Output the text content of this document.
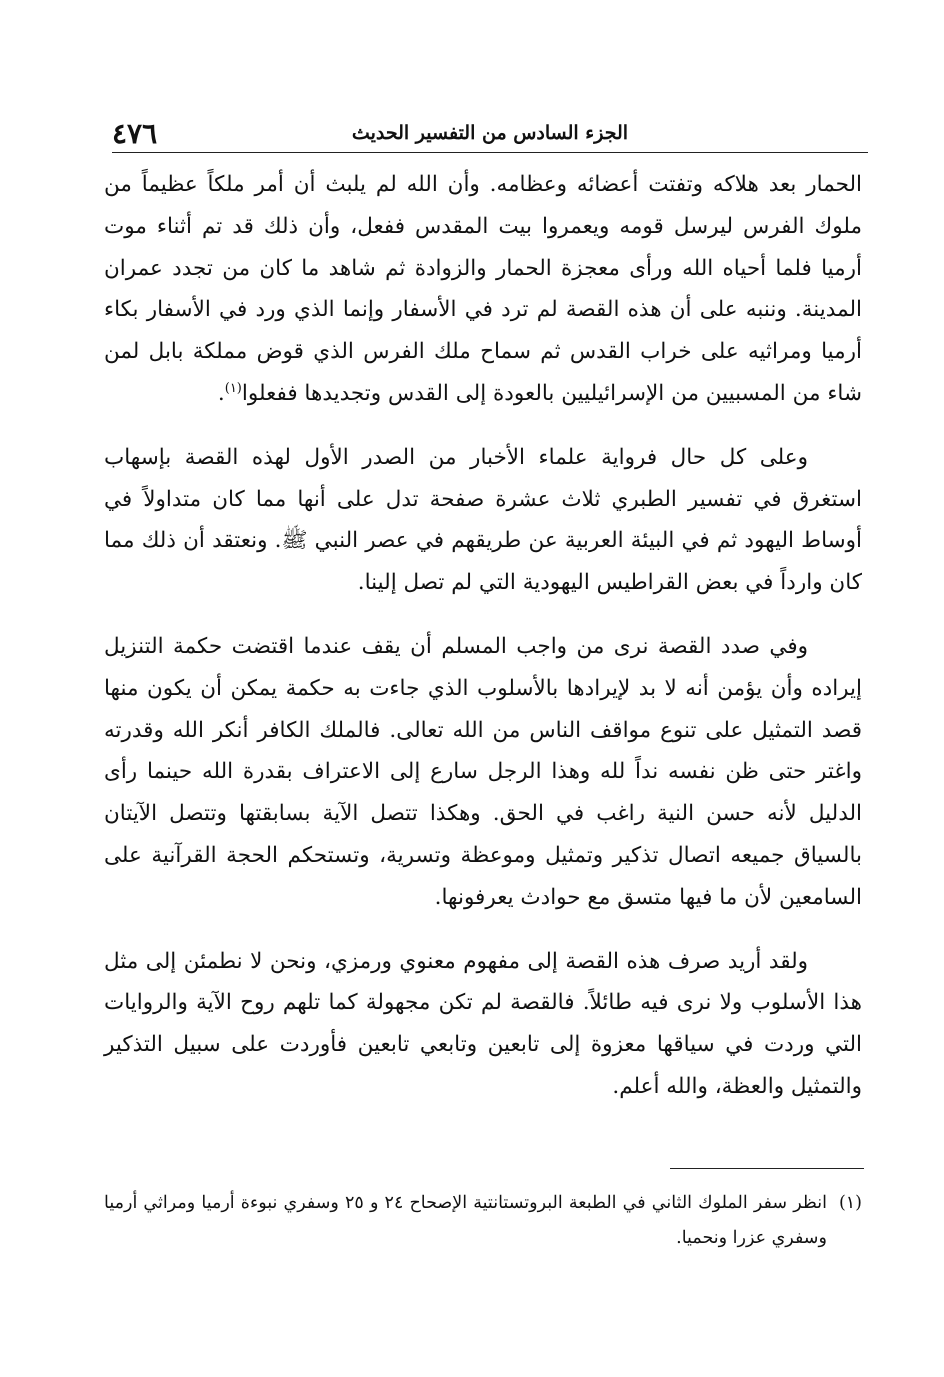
٤٧٦	الجزء السادس من التفسير الحديث

الحمار بعد هلاكه وتفتت أعضائه وعظامه. وأن الله لم يلبث أن أمر ملكاً عظيماً من ملوك الفرس ليرسل قومه ويعمروا بيت المقدس ففعل، وأن ذلك قد تم أثناء موت أرميا فلما أحياه الله ورأى معجزة الحمار والزوادة ثم شاهد ما كان من تجدد عمران المدينة. وننبه على أن هذه القصة لم ترد في الأسفار وإنما الذي ورد في الأسفار بكاء أرميا ومراثيه على خراب القدس ثم سماح ملك الفرس الذي قوض مملكة بابل لمن شاء من المسبيين من الإسرائيليين بالعودة إلى القدس وتجديدها ففعلوا$^{(١)}$.

وعلى كل حال فرواية علماء الأخبار من الصدر الأول لهذه القصة بإسهاب استغرق في تفسير الطبري ثلاث عشرة صفحة تدل على أنها مما كان متداولاً في أوساط اليهود ثم في البيئة العربية عن طريقهم في عصر النبي ﷺ. ونعتقد أن ذلك مما كان وارداً في بعض القراطيس اليهودية التي لم تصل إلينا.

وفي صدد القصة نرى من واجب المسلم أن يقف عندما اقتضت حكمة التنزيل إيراده وأن يؤمن أنه لا بد لإيرادها بالأسلوب الذي جاءت به حكمة يمكن أن يكون منها قصد التمثيل على تنوع مواقف الناس من الله تعالى. فالملك الكافر أنكر الله وقدرته واغتر حتى ظن نفسه نداً لله وهذا الرجل سارع إلى الاعتراف بقدرة الله حينما رأى الدليل لأنه حسن النية راغب في الحق. وهكذا تتصل الآية بسابقتها وتتصل الآيتان بالسياق جميعه اتصال تذكير وتمثيل وموعظة وتسرية، وتستحكم الحجة القرآنية على السامعين لأن ما فيها متسق مع حوادث يعرفونها.

ولقد أريد صرف هذه القصة إلى مفهوم معنوي ورمزي، ونحن لا نطمئن إلى مثل هذا الأسلوب ولا نرى فيه طائلاً. فالقصة لم تكن مجهولة كما تلهم روح الآية والروايات التي وردت في سياقها معزوة إلى تابعين وتابعي تابعين فأوردت على سبيل التذكير والتمثيل والعظة، والله أعلم.

(١)
انظر سفر الملوك الثاني في الطبعة البروتستانتية الإصحاح ٢٤ و ٢٥ وسفري نبوءة أرميا ومراثي أرميا وسفري عزرا ونحميا.
